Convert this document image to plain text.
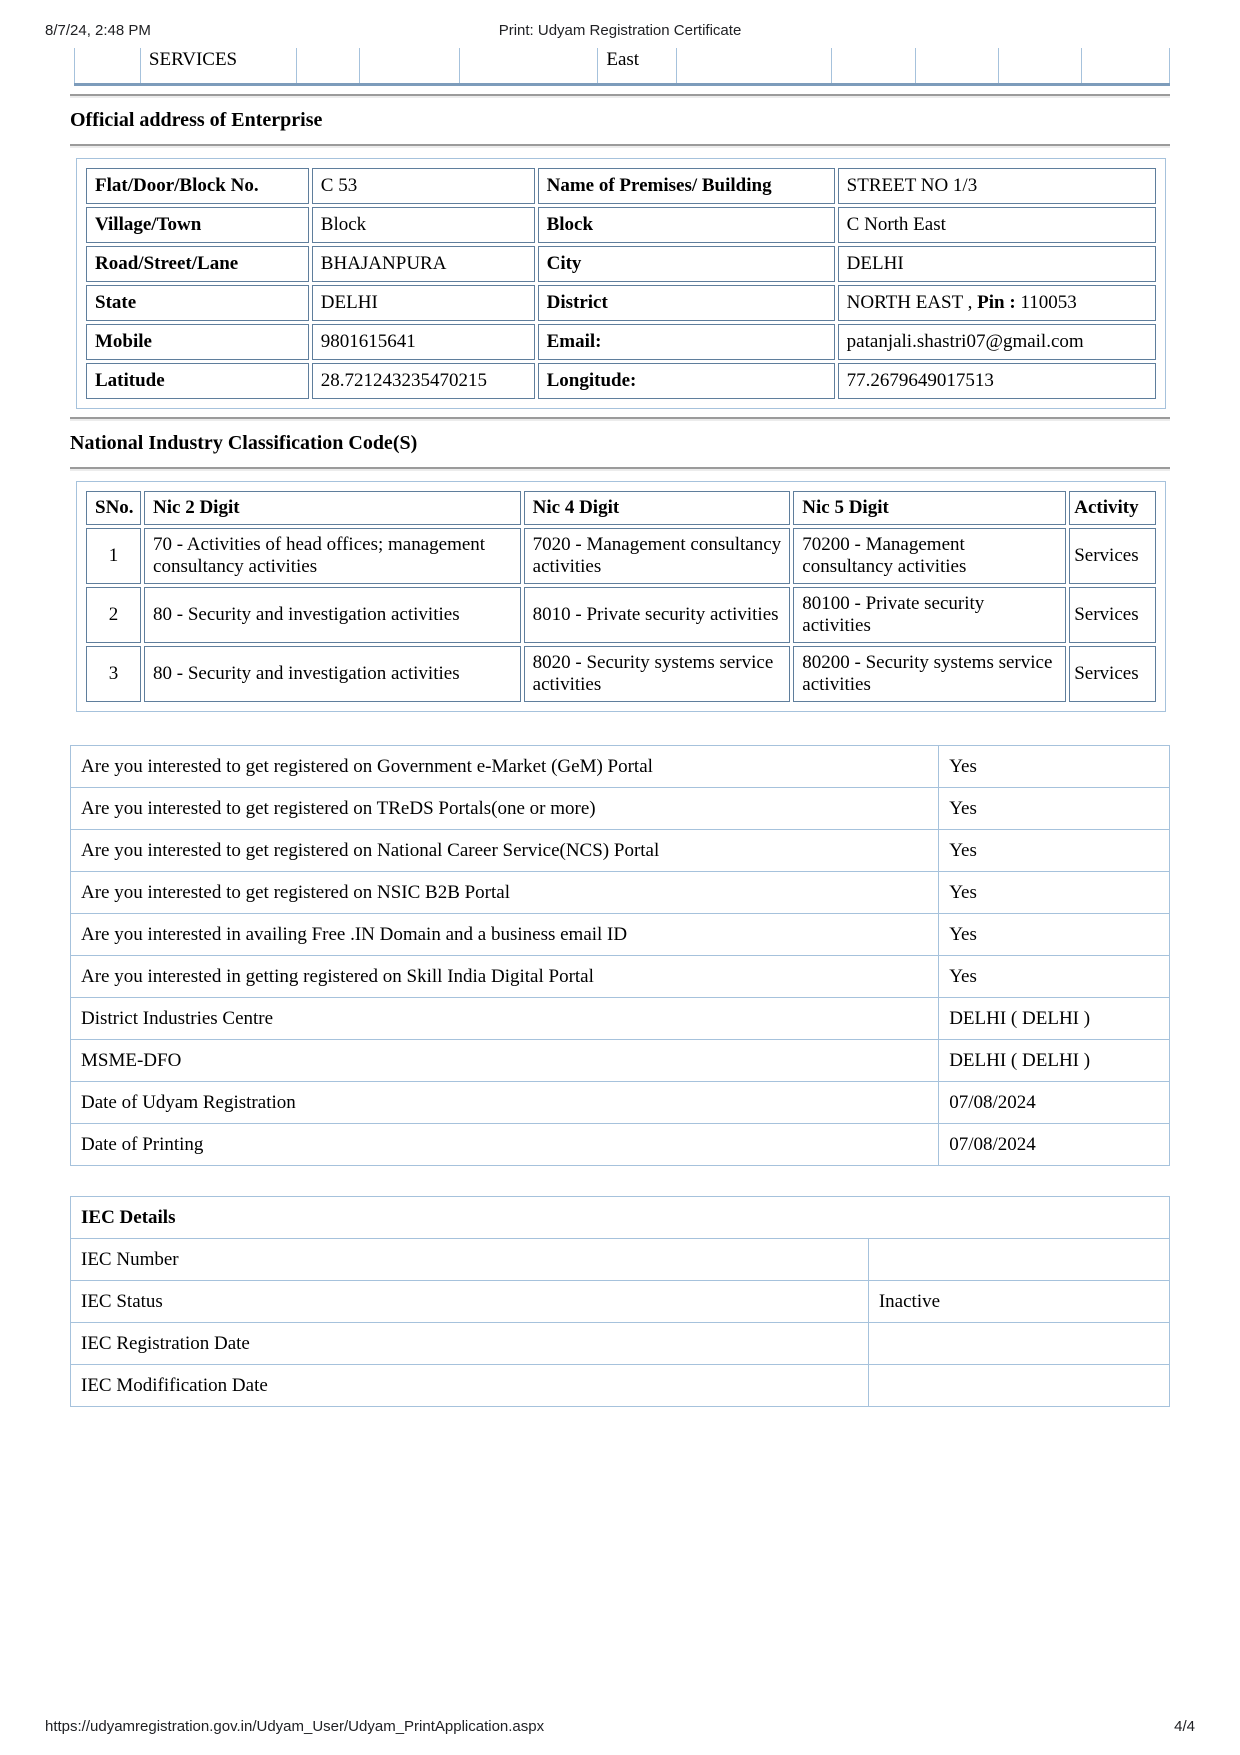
8/7/24, 2:48 PM	Print: Udyam Registration Certificate
	SERVICES				East					
Official address of Enterprise
Flat/Door/Block No.	C 53	Name of Premises/ Building	STREET NO 1/3
Village/Town	Block	Block	C North East
Road/Street/Lane	BHAJANPURA	City	DELHI
State	DELHI	District	NORTH EAST , Pin : 110053
Mobile	9801615641	Email:	patanjali.shastri07@gmail.com
Latitude	28.721243235470215	Longitude:	77.2679649017513
National Industry Classification Code(S)
SNo.	Nic 2 Digit	Nic 4 Digit	Nic 5 Digit	Activity
1	70 - Activities of head offices; management consultancy activities	7020 - Management consultancy activities	70200 - Management consultancy activities	Services
2	80 - Security and investigation activities	8010 - Private security activities	80100 - Private security activities	Services
3	80 - Security and investigation activities	8020 - Security systems service activities	80200 - Security systems service activities	Services
Are you interested to get registered on Government e-Market (GeM) Portal	Yes
Are you interested to get registered on TReDS Portals(one or more)	Yes
Are you interested to get registered on National Career Service(NCS) Portal	Yes
Are you interested to get registered on NSIC B2B Portal	Yes
Are you interested in availing Free .IN Domain and a business email ID	Yes
Are you interested in getting registered on Skill India Digital Portal	Yes
District Industries Centre	DELHI ( DELHI )
MSME-DFO	DELHI ( DELHI )
Date of Udyam Registration	07/08/2024
Date of Printing	07/08/2024
IEC Details	
IEC Number	
IEC Status	Inactive
IEC Registration Date	
IEC Modifification Date	
https://udyamregistration.gov.in/Udyam_User/Udyam_PrintApplication.aspx	4/4
